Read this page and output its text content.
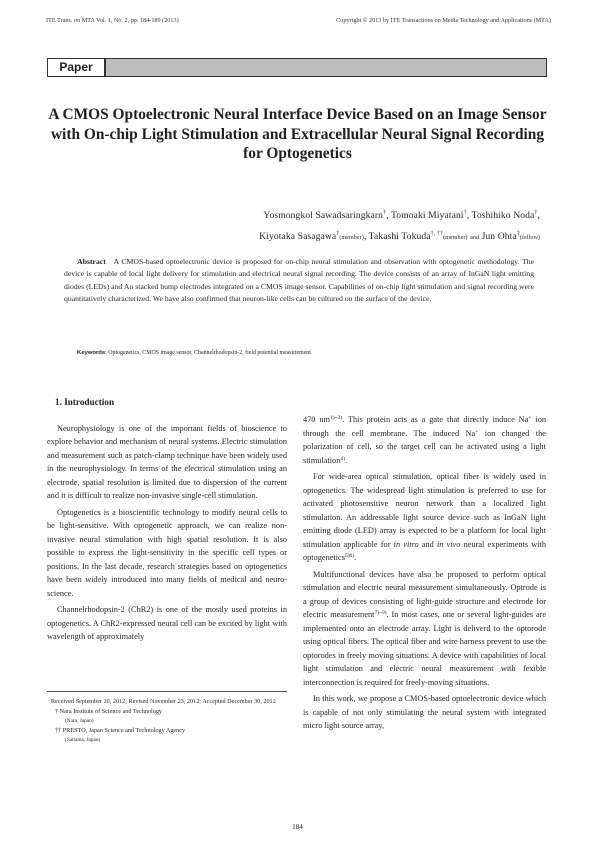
ITE Trans. on MTA Vol. 1, No. 2, pp. 184-189 (2013)	Copyright © 2013 by ITE Transactions on Media Technology and Applications (MTA)
Paper
A CMOS Optoelectronic Neural Interface Device Based on an Image Sensor with On-chip Light Stimulation and Extracellular Neural Signal Recording for Optogenetics
Yosmongkol Sawadsaringkarn†, Tomoaki Miyatani†, Toshihiko Noda†,
Kiyotaka Sasagawa†(member), Takashi Tokuda†, ††(member) and Jun Ohta†(fellow)
Abstract A CMOS-based optoelectronic device is proposed for on-chip neural stimulation and observation with optogenetic methodology. The device is capable of local light delivery for stimulation and electrical neural signal recording. The device consists of an array of InGaN light emitting diodes (LEDs) and Au stacked bump electrodes integrated on a CMOS image sensor. Capabilities of on-chip light stimulation and signal recording were quantitatively characterized. We have also confirmed that neuron-like cells can be cultured on the surface of the device.
Keywords: Optogenetics, CMOS image sensor, Channelrhodopsin-2, field potential measurement
1. Introduction

Neurophysiology is one of the important fields of bioscience to explore behavior and mechanism of neural systems. Electric stimulation and measurement such as patch-clamp technique have been widely used in the neurophysiology. In terms of the electrical stimulation using an electrode, spatial resolution is limited due to dispersion of the current and it is difficult to realize non-invasive single-cell stimulation.

Optogenetics is a bioscientific technology to modify neural cells to be light-sensitive. With optogenetic approach, we can realize non-invasive neural stimulation with high spatial resolution. It is also possible to express the light-sensitivity in the specific cell types or positions. In the last decade, research strategies based on optogenetics have been widely introduced into many fields of medical and neuro-science.

Channelrhodopsin-2 (ChR2) is one of the mostly used proteins in optogenetics. A ChR2-expressed neural cell can be excited by light with wavelength of approximately

470 $nm^{1)\sim 3)}$. This protein acts as a gate that directly induce Na+ ion through the cell membrane. The induced Na+ ion changed the polarization of cell, so the target cell can be activated using a light stimulation$^{4)}$.

For wide-area optical stimulation, optical fiber is widely used in optogenetics. The widespread light stimulation is preferred to use for activated photosensitive neuron network than a localized light stimulation. An addressable light source device such as InGaN light emitting diode (LED) array is expected to be a platform for local light stimulation applicable for in vitro and in vivo neural experiments with optogenetics$^{5)6)}$.

Multifunctional devices have also be proposed to perform optical stimulation and electric neural measurement simultaneously. Optrode is a group of devices consisting of light-guide structure and electrode for electric measurement$^{7)\sim 9)}$. In most cases, one or several light-guides are implemented onto an electrode array. Light is deliverd to the optorode using optical fibers. The optical fiber and wire harness prevent to use the optorodes in freely moving situations. A device with capabilities of local light stimulation and electric neural measurement with fexible interconnection is required for freely-moving situations.

In this work, we propose a CMOS-based optoelectronic device which is capable of not only stimulating the neural system with integrated micro light source array,

Received September 20, 2012; Revised November 23, 2012; Accepted December 30, 2012
† Nara Institute of Science and Technology
(Nara, Japan)
†† PRESTO, Japan Science and Technology Agency
(Saitama, Japan)
184
